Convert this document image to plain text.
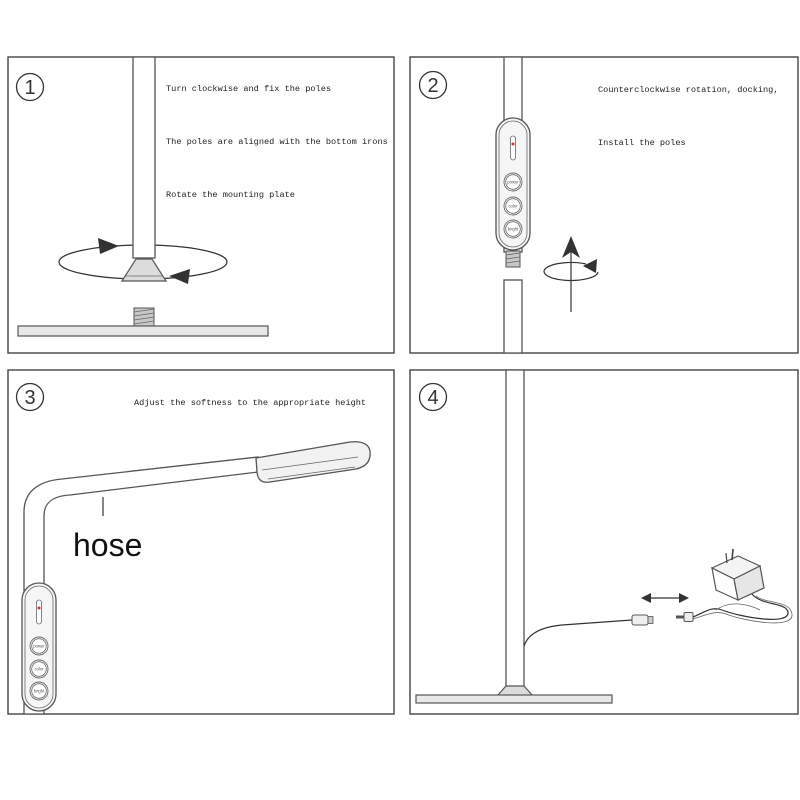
1	Turn clockwise and fix the poles
The poles are aligned with the bottom irons
Rotate the mounting plate
2	Counterclockwise rotation, docking,
Install the poles
power
color
bright
3	Adjust the softness to the appropriate height
hose
power
color
bright
4
